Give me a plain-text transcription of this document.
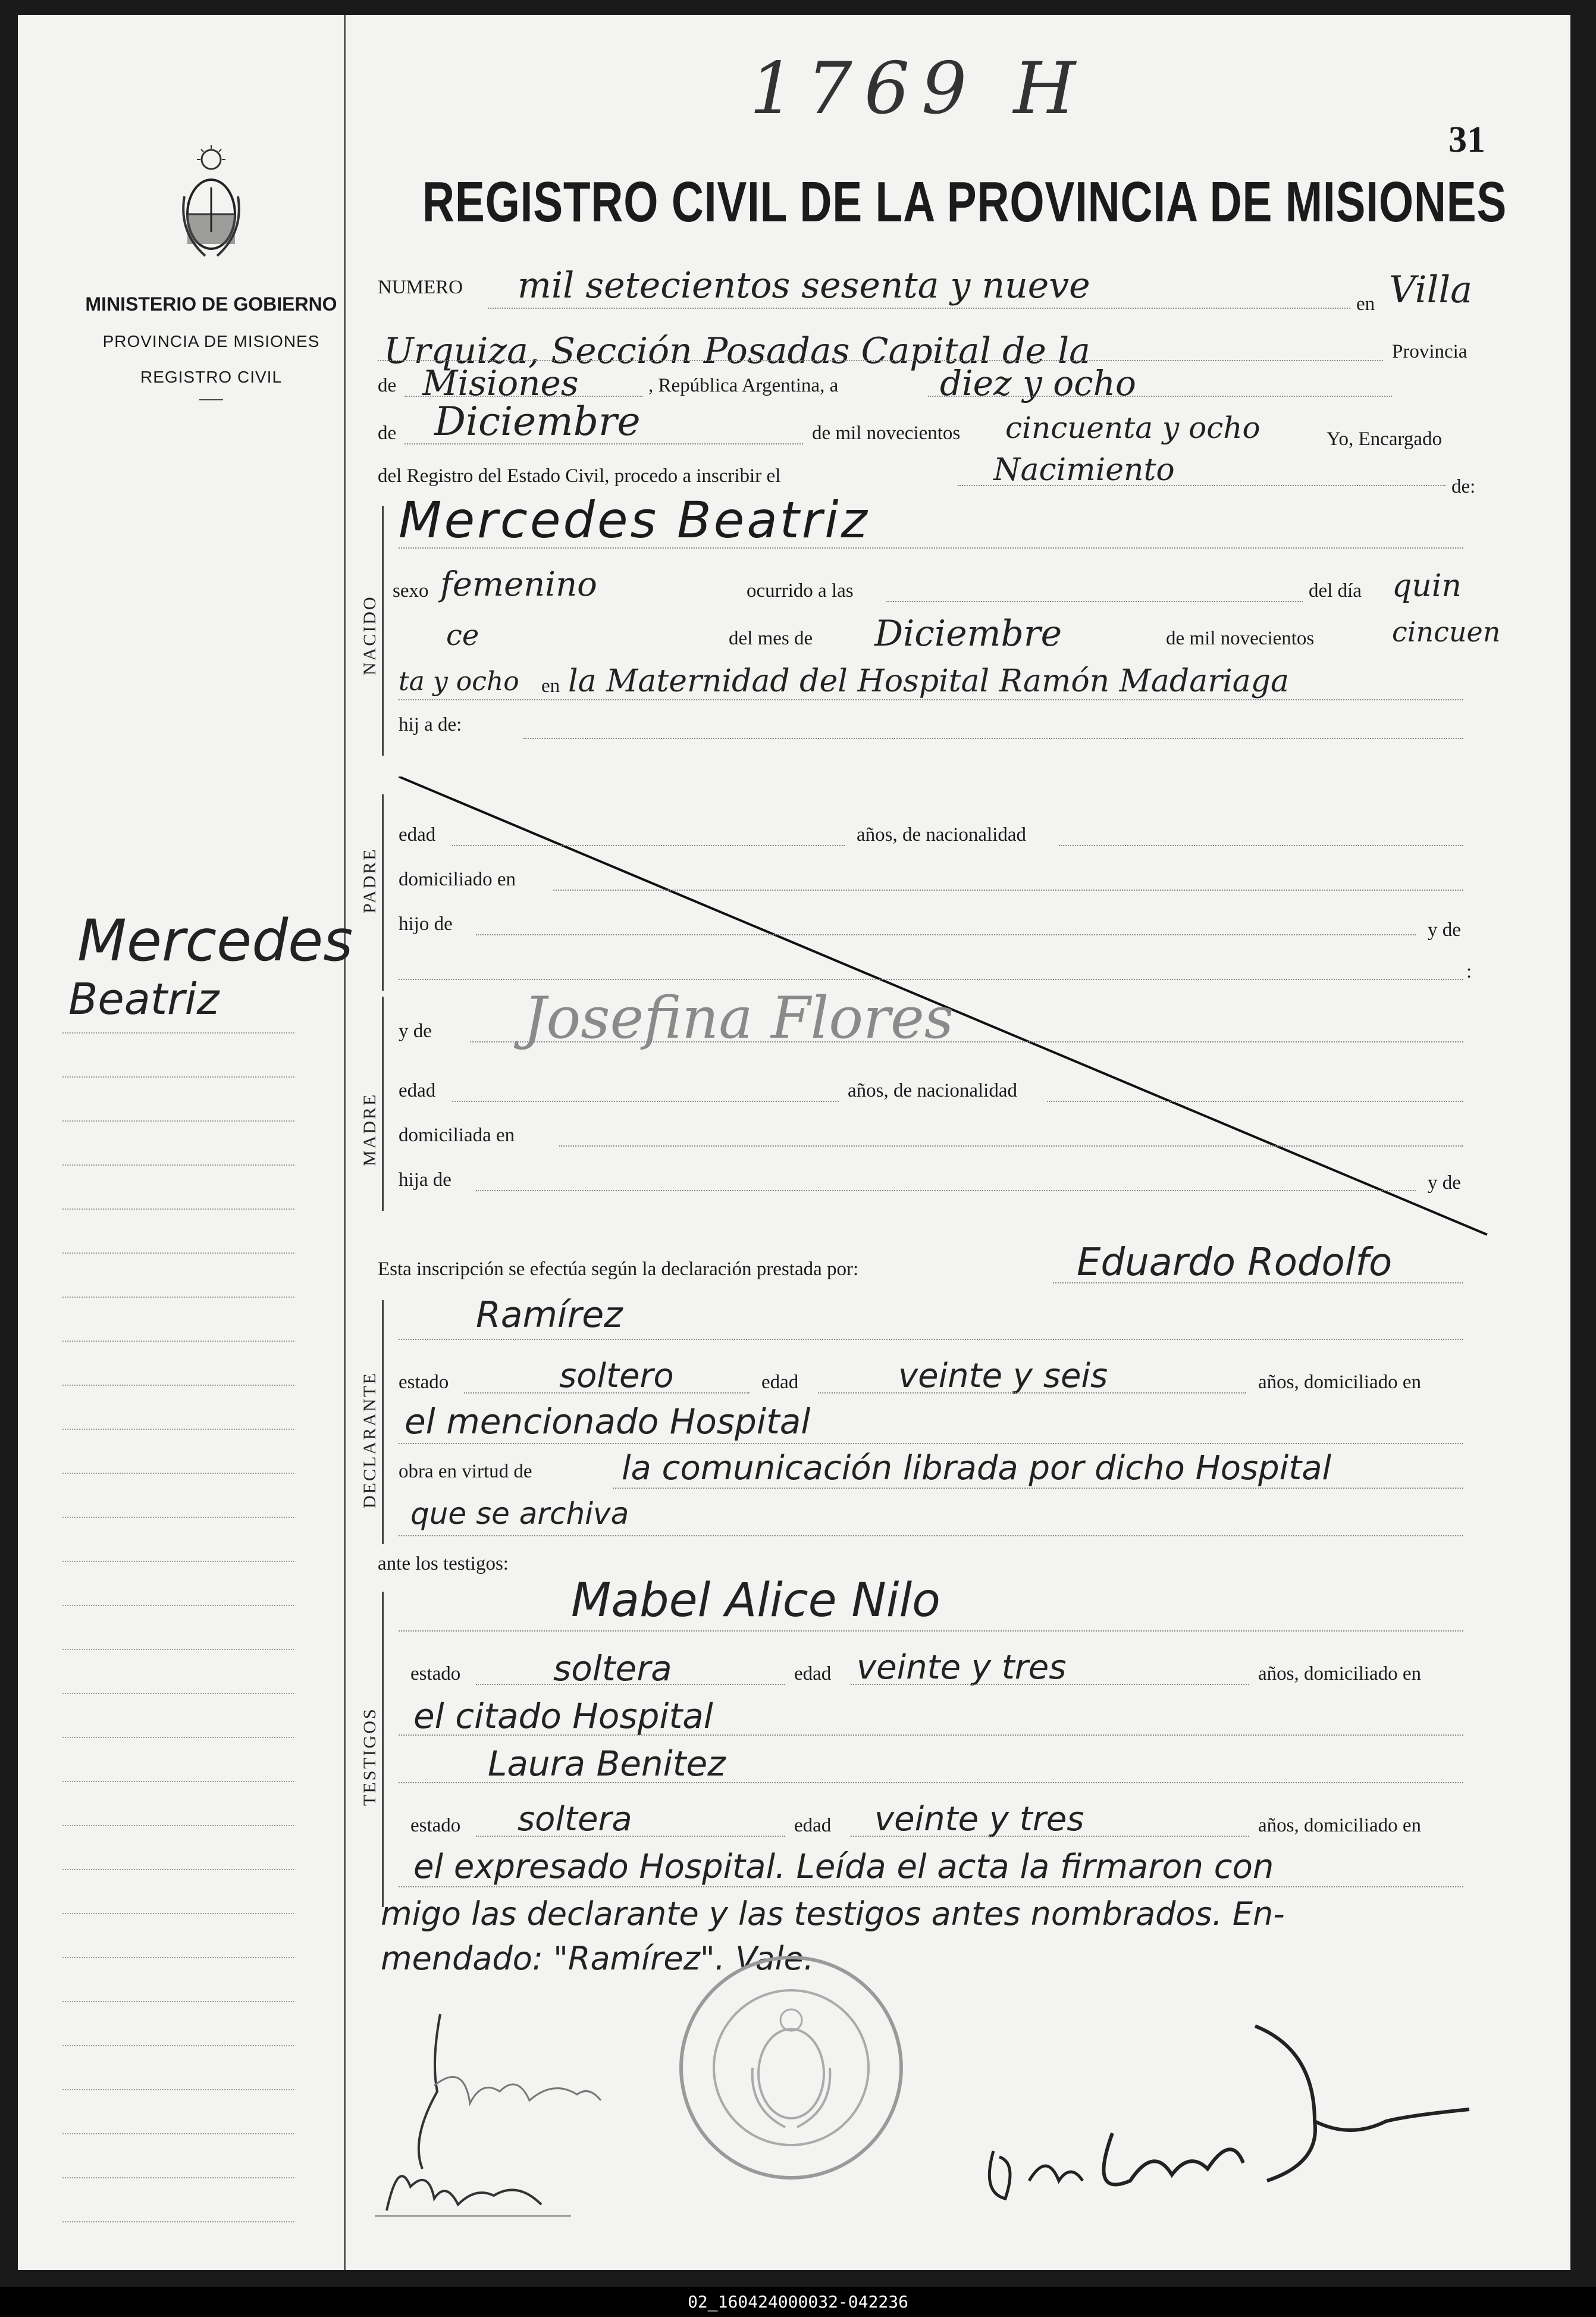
MINISTERIO DE GOBIERNO
PROVINCIA DE MISIONES
REGISTRO CIVIL
——
Mercedes
Beatriz
1769 H
31
REGISTRO CIVIL DE LA PROVINCIA DE MISIONES
NUMERO mil setecientos sesenta y nueve	en Villa
Urquiza, Sección Posadas Capital de la	Provincia
de Misiones	, República Argentina, a	diez y ocho
de Diciembre	de mil novecientos cincuenta y ocho	Yo, Encargado
del Registro del Estado Civil, procedo a inscribir el	Nacimiento	de:
NACIDO
Mercedes Beatriz
sexo femenino	ocurrido a las	del día quin
ce	del mes de Diciembre	de mil novecientos	cincuen
ta y ocho en la Maternidad del Hospital Ramón Madariaga
hij a de:
PADRE
edad	años, de nacionalidad
domiciliado en
hijo de	y de
:
MADRE
y de Josefina Flores
edad	años, de nacionalidad
domiciliada en
hija de	y de
Esta inscripción se efectúa según la declaración prestada por:	Eduardo Rodolfo
DECLARANTE
Ramírez
estado	soltero	edad	veinte y seis	años, domiciliado en
el mencionado Hospital
obra en virtud de	la comunicación librada por dicho Hospital
que se archiva
ante los testigos:
TESTIGOS
Mabel Alice Nilo
estado	soltera	edad veinte y tres	años, domiciliado en
el citado Hospital
Laura Benitez
estado soltera	edad veinte y tres	años, domiciliado en
el expresado Hospital. Leída el acta la firmaron con
migo las declarante y las testigos antes nombrados. En-
mendado: "Ramírez". Vale.
02_160424000032-042236
